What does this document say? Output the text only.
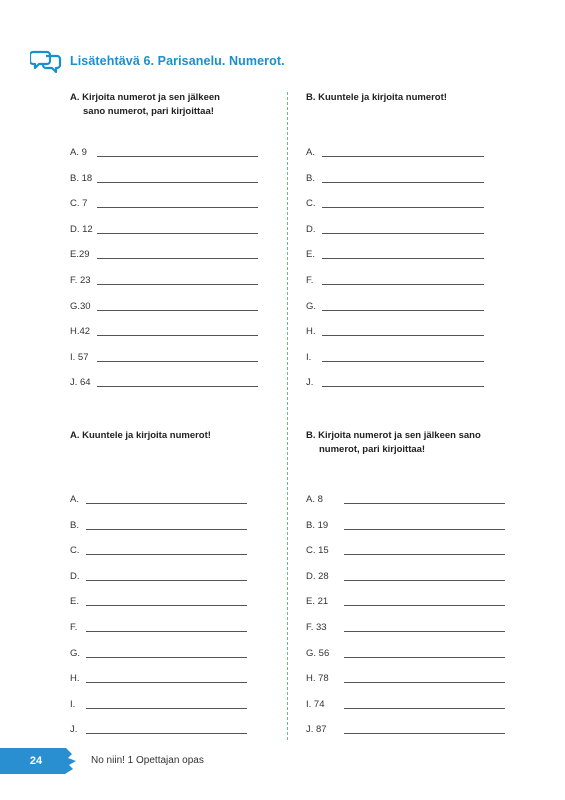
Lisätehtävä 6. Parisanelu. Numerot.
A. Kirjoita numerot ja sen jälkeen
sano numerot, pari kirjoittaa!
B. Kuuntele ja kirjoita numerot!
A. Kuuntele ja kirjoita numerot!	B. Kirjoita numerot ja sen jälkeen sano
numerot, pari kirjoittaa!
A. 9
B. 18
C. 7
D. 12
E.29
F. 23
G.30
H.42
I. 57
J. 64
A.
B.
C.
D.
E.
F.
G.
H.
I.
J.
A.
B.
C.
D.
E.
F.
G.
H.
I.
J.
A. 8
B. 19
C. 15
D. 28
E. 21
F. 33
G. 56
H. 78
I. 74
J. 87
24	No niin! 1 Opettajan opas
